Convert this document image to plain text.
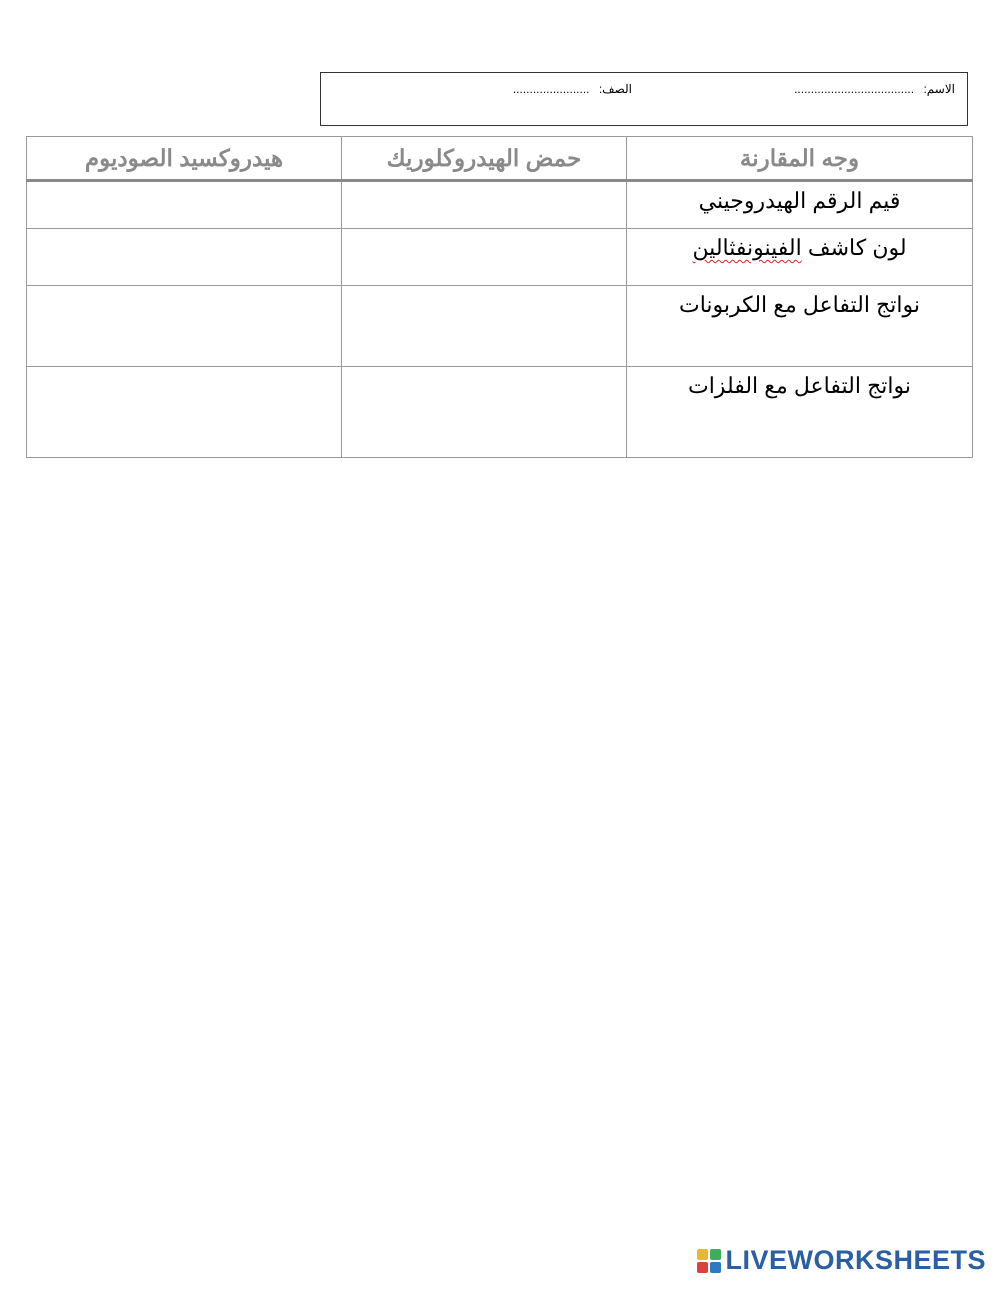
الاسم: ....................................
الصف: .......................
وجه المقارنة	حمض الهيدروكلوريك	هيدروكسيد الصوديوم
قيم الرقم الهيدروجيني		
لون كاشف الفينونفثالين		
نواتج التفاعل مع الكربونات		
نواتج التفاعل مع الفلزات		
LIVEWORKSHEETS
